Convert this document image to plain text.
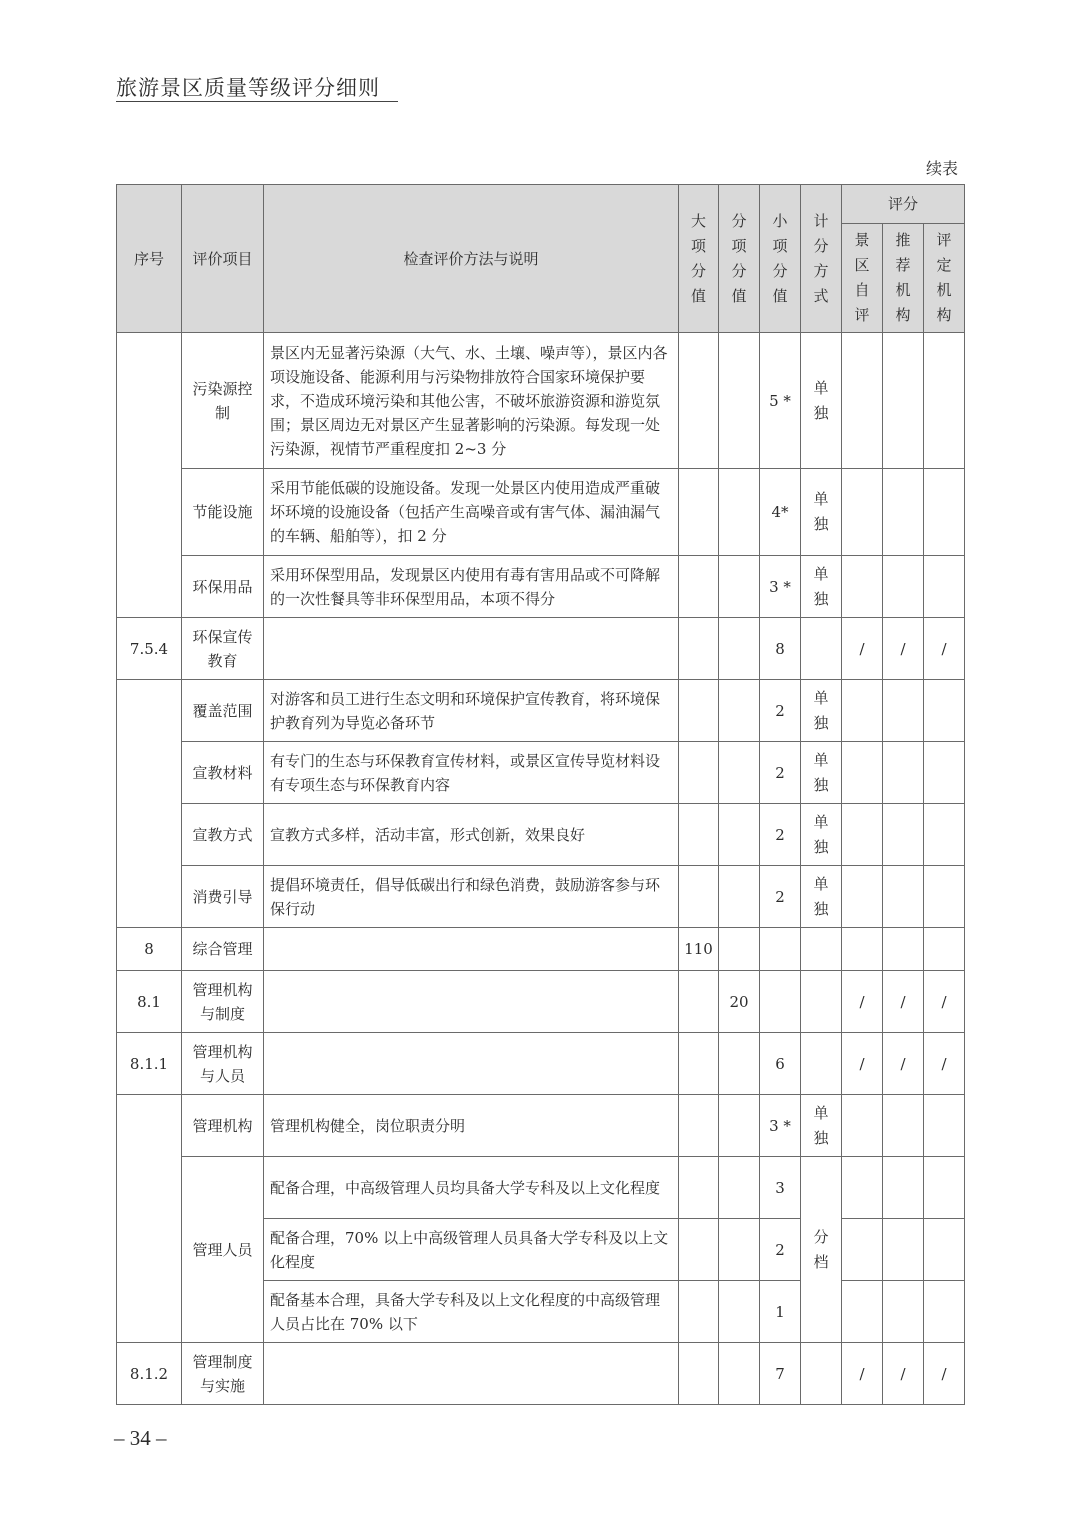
旅游景区质量等级评分细则
续表
序号	评价项目	检查评价方法与说明	大项分值	分项分值	小项分值	计分方式	评分		
							景区自评	推荐机构	评定机构
	污染源控制	景区内无显著污染源（大气、水、土壤、噪声等），景区内各项设施设备、能源利用与污染物排放符合国家环境保护要求，不造成环境污染和其他公害，不破坏旅游资源和游览氛围；景区周边无对景区产生显著影响的污染源。每发现一处污染源，视情节严重程度扣 2~3 分			5 *	单独			
	节能设施	采用节能低碳的设施设备。发现一处景区内使用造成严重破坏环境的设施设备（包括产生高噪音或有害气体、漏油漏气的车辆、船舶等），扣 2 分			4*	单独			
	环保用品	采用环保型用品，发现景区内使用有毒有害用品或不可降解的一次性餐具等非环保型用品，本项不得分			3 *	单独			
7.5.4	环保宣传教育				8		/	/	/
	覆盖范围	对游客和员工进行生态文明和环境保护宣传教育，将环境保护教育列为导览必备环节			2	单独			
	宣教材料	有专门的生态与环保教育宣传材料，或景区宣传导览材料设有专项生态与环保教育内容			2	单独			
	宣教方式	宣教方式多样，活动丰富，形式创新，效果良好			2	单独			
	消费引导	提倡环境责任，倡导低碳出行和绿色消费，鼓励游客参与环保行动			2	单独			
8	综合管理		110						
8.1	管理机构与制度			20			/	/	/
8.1.1	管理机构与人员				6		/	/	/
	管理机构	管理机构健全，岗位职责分明			3 *	单独			
	管理人员	配备合理，中高级管理人员均具备大学专科及以上文化程度			3	分档			
		配备合理，70% 以上中高级管理人员具备大学专科及以上文化程度			2				
		配备基本合理，具备大学专科及以上文化程度的中高级管理人员占比在 70% 以下			1				
8.1.2	管理制度与实施				7		/	/	/
– 34 –
